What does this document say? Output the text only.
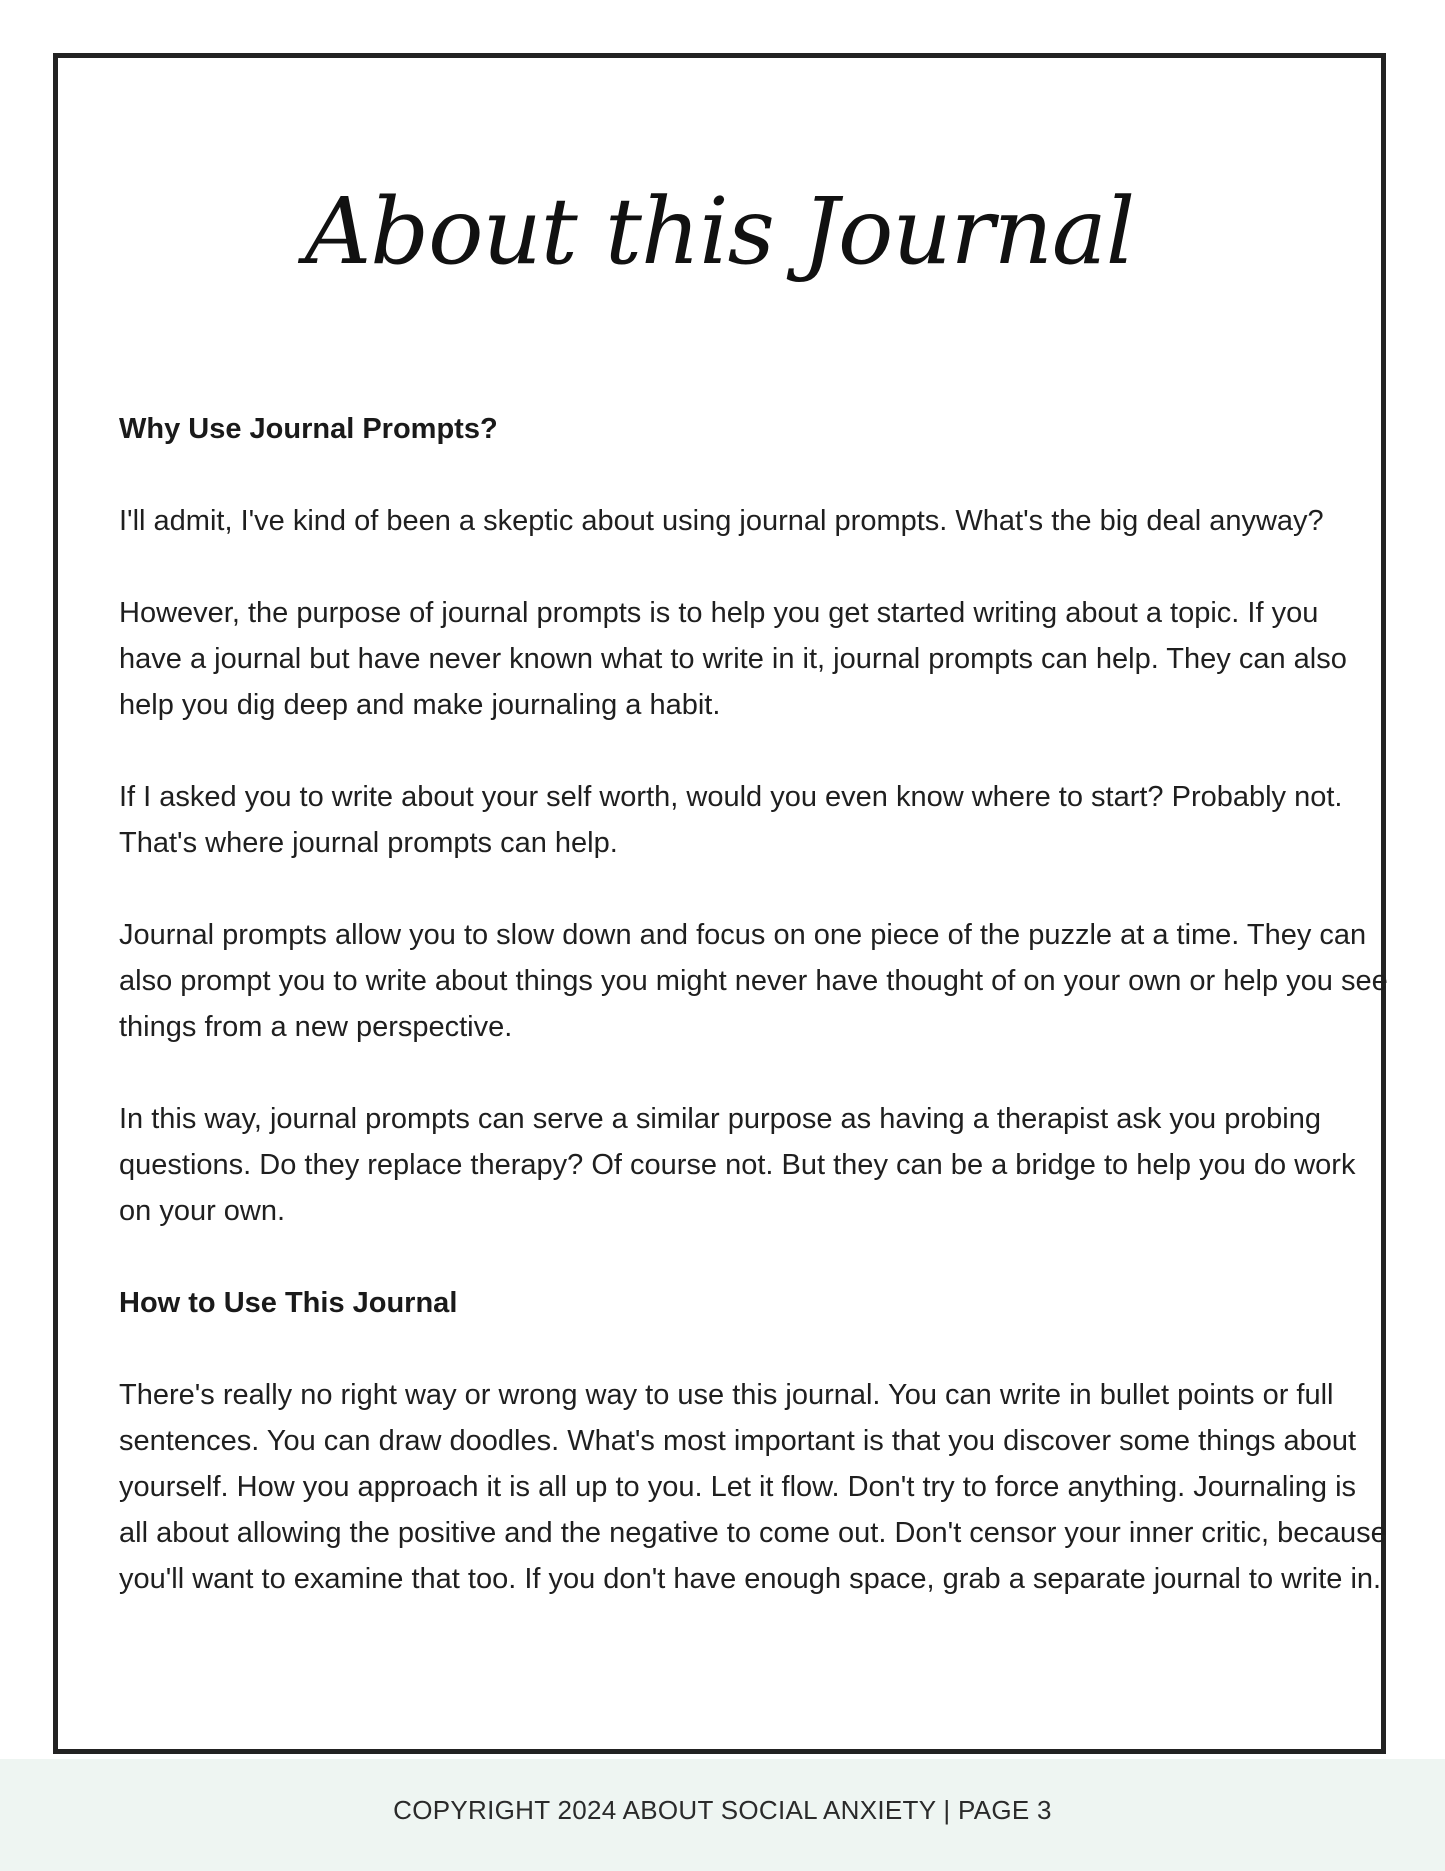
About this Journal
Why Use Journal Prompts?

I'll admit, I've kind of been a skeptic about using journal prompts. What's the big deal anyway?

However, the purpose of journal prompts is to help you get started writing about a topic. If you have a journal but have never known what to write in it, journal prompts can help. They can also help you dig deep and make journaling a habit.

If I asked you to write about your self worth, would you even know where to start? Probably not. That's where journal prompts can help.

Journal prompts allow you to slow down and focus on one piece of the puzzle at a time. They can also prompt you to write about things you might never have thought of on your own or help you see things from a new perspective.

In this way, journal prompts can serve a similar purpose as having a therapist ask you probing questions. Do they replace therapy? Of course not. But they can be a bridge to help you do work on your own.

How to Use This Journal

There's really no right way or wrong way to use this journal. You can write in bullet points or full sentences. You can draw doodles. What's most important is that you discover some things about yourself. How you approach it is all up to you. Let it flow. Don't try to force anything. Journaling is all about allowing the positive and the negative to come out. Don't censor your inner critic, because you'll want to examine that too. If you don't have enough space, grab a separate journal to write in.

COPYRIGHT 2024 ABOUT SOCIAL ANXIETY | PAGE 3
